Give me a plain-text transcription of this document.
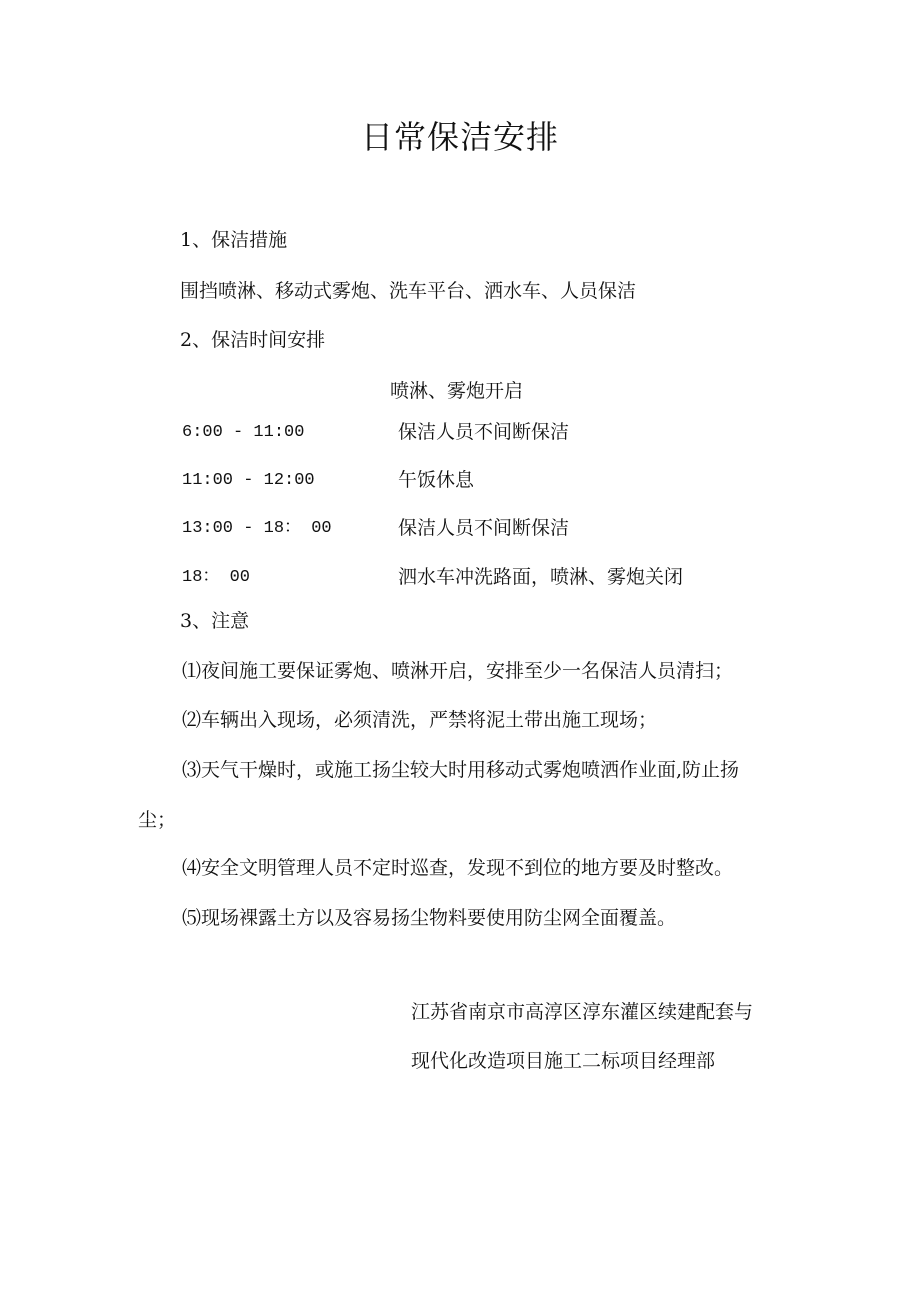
日常保洁安排
1、保洁措施
围挡喷淋、移动式雾炮、洗车平台、洒水车、人员保洁
2、保洁时间安排
喷淋、雾炮开启
6:00 - 11:00	保洁人员不间断保洁
11:00 - 12:00	午饭休息
13:00 - 18： 00	保洁人员不间断保洁
18： 00	泗水车冲洗路面，喷淋、雾炮关闭
3、注意
⑴夜间施工要保证雾炮、喷淋开启，安排至少一名保洁人员清扫；
⑵车辆出入现场，必须清洗，严禁将泥土带出施工现场；
⑶天气干燥时，或施工扬尘较大时用移动式雾炮喷洒作业面,防止扬
尘；
⑷安全文明管理人员不定时巡查，发现不到位的地方要及时整改。
⑸现场裸露土方以及容易扬尘物料要使用防尘网全面覆盖。
江苏省南京市高淳区淳东灌区续建配套与
现代化改造项目施工二标项目经理部
